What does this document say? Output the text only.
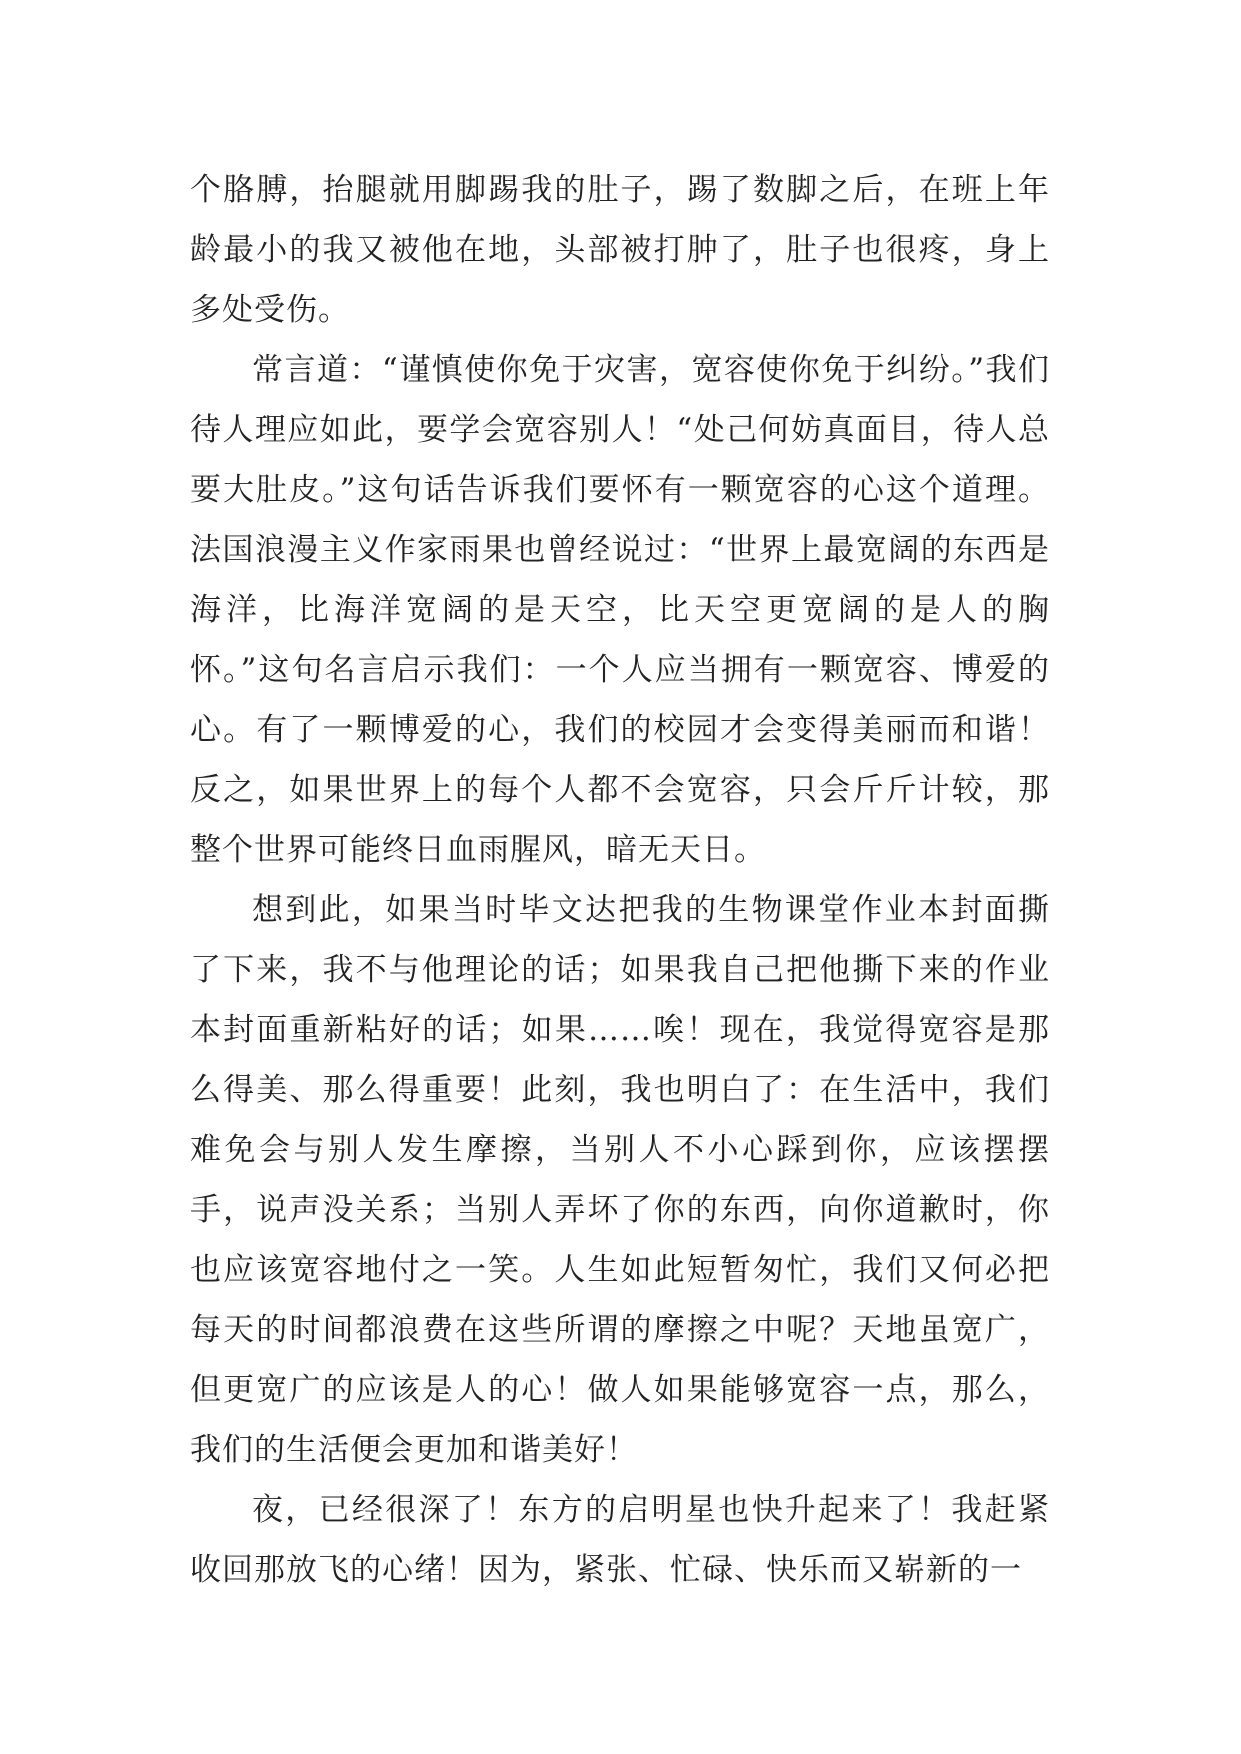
个胳膊，抬腿就用脚踢我的肚子，踢了数脚之后，在班上年龄最小的我又被他在地，头部被打肿了，肚子也很疼，身上多处受伤。

常言道：“谨慎使你免于灾害，宽容使你免于纠纷。”我们待人理应如此，要学会宽容别人！“处己何妨真面目，待人总要大肚皮。”这句话告诉我们要怀有一颗宽容的心这个道理。法国浪漫主义作家雨果也曾经说过：“世界上最宽阔的东西是海洋，比海洋宽阔的是天空，比天空更宽阔的是人的胸怀。”这句名言启示我们：一个人应当拥有一颗宽容、博爱的心。有了一颗博爱的心，我们的校园才会变得美丽而和谐！反之，如果世界上的每个人都不会宽容，只会斤斤计较，那整个世界可能终日血雨腥风，暗无天日。

想到此，如果当时毕文达把我的生物课堂作业本封面撕了下来，我不与他理论的话；如果我自己把他撕下来的作业本封面重新粘好的话；如果……唉！现在，我觉得宽容是那么得美、那么得重要！此刻，我也明白了：在生活中，我们难免会与别人发生摩擦，当别人不小心踩到你，应该摆摆手，说声没关系；当别人弄坏了你的东西，向你道歉时，你也应该宽容地付之一笑。人生如此短暂匆忙，我们又何必把每天的时间都浪费在这些所谓的摩擦之中呢？天地虽宽广，但更宽广的应该是人的心！做人如果能够宽容一点，那么，我们的生活便会更加和谐美好！

夜，已经很深了！东方的启明星也快升起来了！我赶紧收回那放飞的心绪！因为，紧张、忙碌、快乐而又崭新的一
